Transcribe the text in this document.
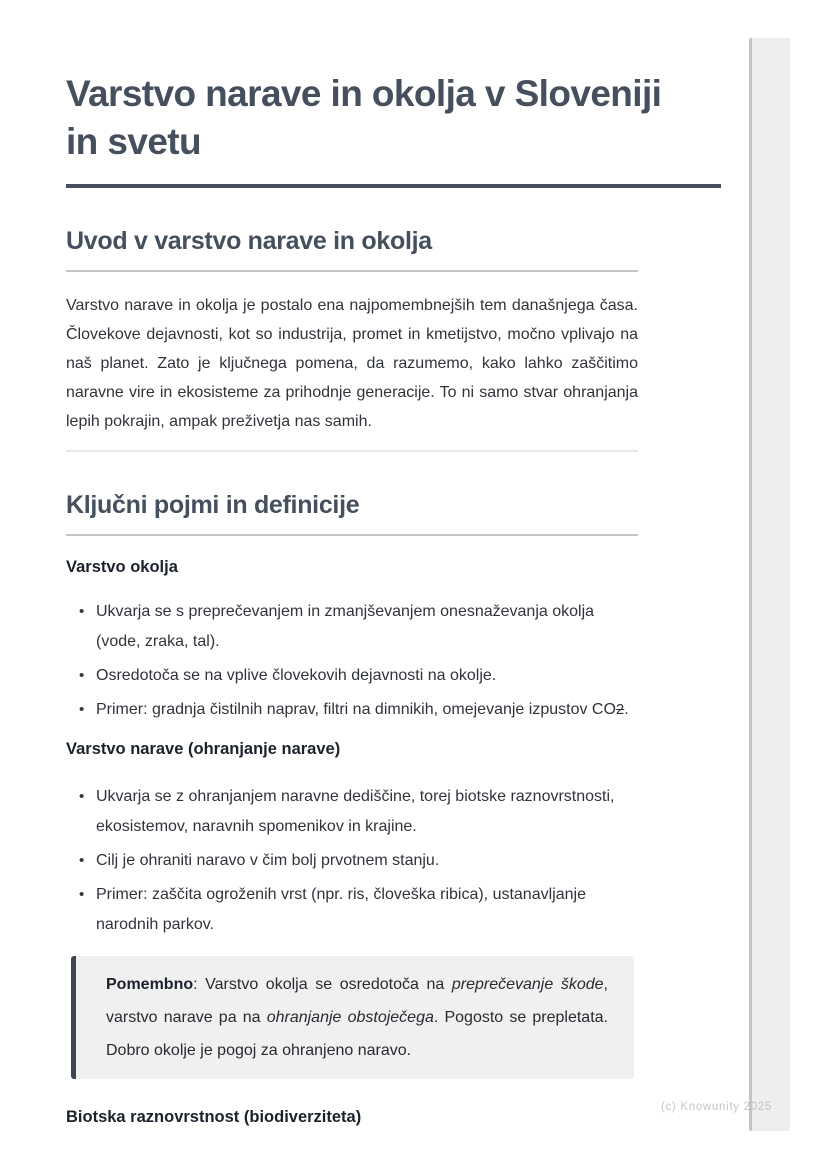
Varstvo narave in okolja v Sloveniji in svetu
Uvod v varstvo narave in okolja

Varstvo narave in okolja je postalo ena najpomembnejših tem današnjega časa. Človekove dejavnosti, kot so industrija, promet in kmetijstvo, močno vplivajo na naš planet. Zato je ključnega pomena, da razumemo, kako lahko zaščitimo naravne vire in ekosisteme za prihodnje generacije. To ni samo stvar ohranjanja lepih pokrajin, ampak preživetja nas samih.

Ključni pojmi in definicije
Varstvo okolja
• Ukvarja se s preprečevanjem in zmanjševanjem onesnaževanja okolja (vode, zraka, tal).
• Osredotoča se na vplive človekovih dejavnosti na okolje.
• Primer: gradnja čistilnih naprav, filtri na dimnikih, omejevanje izpustov CO2.
Varstvo narave (ohranjanje narave)
• Ukvarja se z ohranjanjem naravne dediščine, torej biotske raznovrstnosti, ekosistemov, naravnih spomenikov in krajine.
• Cilj je ohraniti naravo v čim bolj prvotnem stanju.
• Primer: zaščita ogroženih vrst (npr. ris, človeška ribica), ustanavljanje narodnih parkov.

Pomembno: Varstvo okolja se osredotoča na preprečevanje škode, varstvo narave pa na ohranjanje obstoječega. Pogosto se prepletata. Dobro okolje je pogoj za ohranjeno naravo.

Biotska raznovrstnost (biodiverziteta)
(c) Knowunity 2025
